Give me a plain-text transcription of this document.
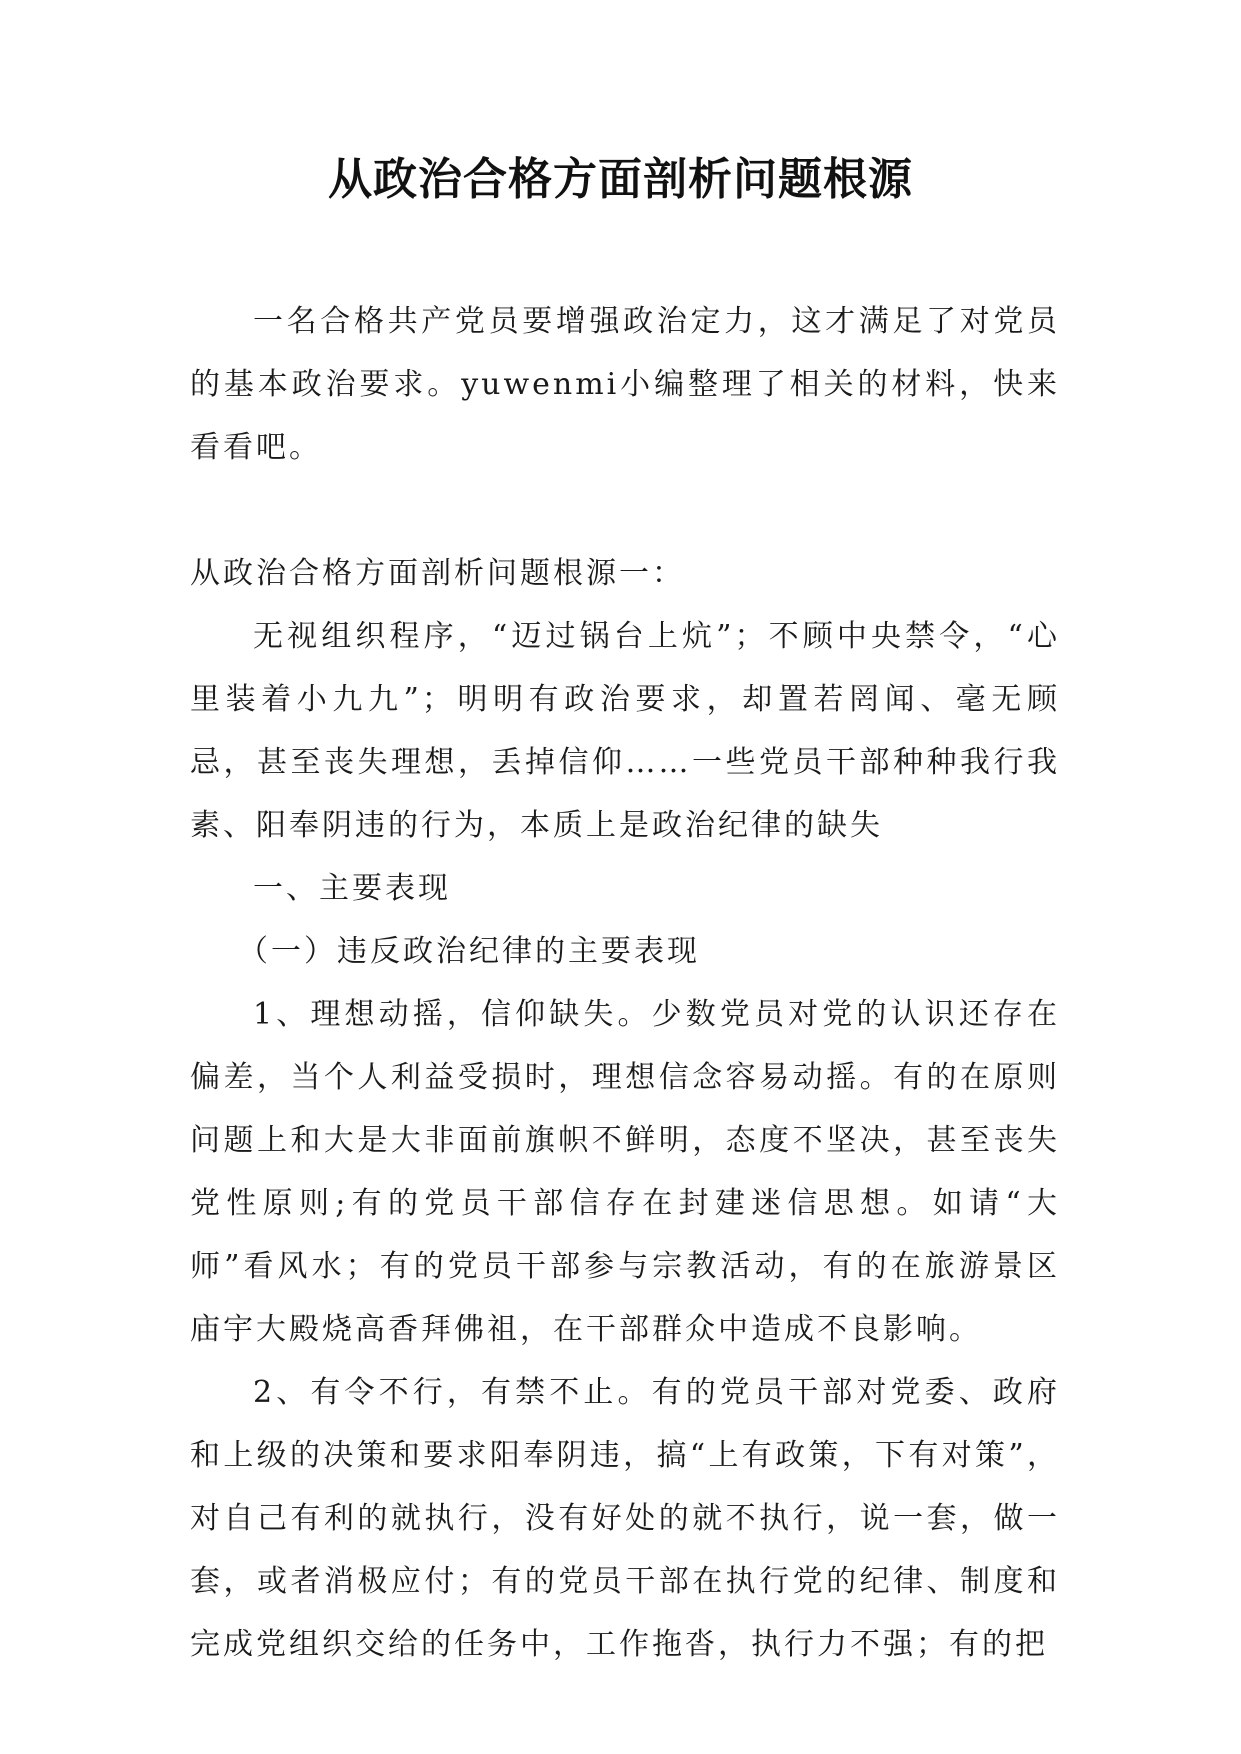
从政治合格方面剖析问题根源

一名合格共产党员要增强政治定力，这才满足了对党员的基本政治要求。yuwenmi小编整理了相关的材料，快来看看吧。

从政治合格方面剖析问题根源一：

无视组织程序，“迈过锅台上炕”；不顾中央禁令，“心里装着小九九”；明明有政治要求，却置若罔闻、毫无顾忌，甚至丧失理想，丢掉信仰……一些党员干部种种我行我素、阳奉阴违的行为，本质上是政治纪律的缺失

一、主要表现

（一）违反政治纪律的主要表现

1、理想动摇，信仰缺失。少数党员对党的认识还存在偏差，当个人利益受损时，理想信念容易动摇。有的在原则问题上和大是大非面前旗帜不鲜明，态度不坚决，甚至丧失党性原则;有的党员干部信存在封建迷信思想。如请“大师”看风水；有的党员干部参与宗教活动，有的在旅游景区庙宇大殿烧高香拜佛祖，在干部群众中造成不良影响。

2、有令不行，有禁不止。有的党员干部对党委、政府和上级的决策和要求阳奉阴违，搞“上有政策，下有对策”，对自己有利的就执行，没有好处的就不执行，说一套，做一套，或者消极应付；有的党员干部在执行党的纪律、制度和完成党组织交给的任务中，工作拖沓，执行力不强；有的把
